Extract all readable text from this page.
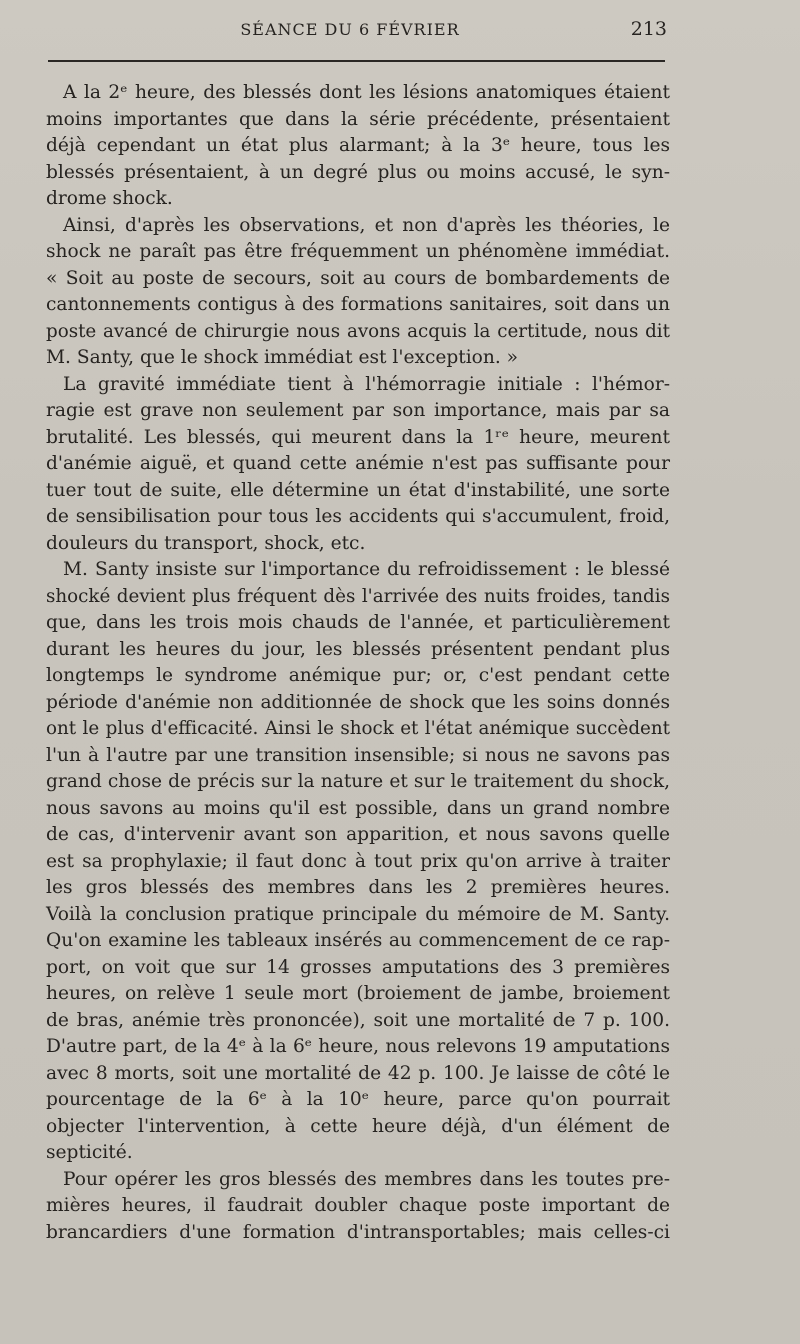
SÉANCE DU 6 FÉVRIER	213
A la 2ᵉ heure, des blessés dont les lésions anatomiques étaient
moins importantes que dans la série précédente, présentaient
déjà cependant un état plus alarmant; à la 3ᵉ heure, tous les
blessés présentaient, à un degré plus ou moins accusé, le syn-
drome shock.
Ainsi, d'après les observations, et non d'après les théories, le
shock ne paraît pas être fréquemment un phénomène immédiat.
« Soit au poste de secours, soit au cours de bombardements de
cantonnements contigus à des formations sanitaires, soit dans un
poste avancé de chirurgie nous avons acquis la certitude, nous dit
M. Santy, que le shock immédiat est l'exception. »
La gravité immédiate tient à l'hémorragie initiale : l'hémor-
ragie est grave non seulement par son importance, mais par sa
brutalité. Les blessés, qui meurent dans la 1ʳᵉ heure, meurent
d'anémie aiguë, et quand cette anémie n'est pas suffisante pour
tuer tout de suite, elle détermine un état d'instabilité, une sorte
de sensibilisation pour tous les accidents qui s'accumulent, froid,
douleurs du transport, shock, etc.
M. Santy insiste sur l'importance du refroidissement : le blessé
shocké devient plus fréquent dès l'arrivée des nuits froides, tandis
que, dans les trois mois chauds de l'année, et particulièrement
durant les heures du jour, les blessés présentent pendant plus
longtemps le syndrome anémique pur; or, c'est pendant cette
période d'anémie non additionnée de shock que les soins donnés
ont le plus d'efficacité. Ainsi le shock et l'état anémique succèdent
l'un à l'autre par une transition insensible; si nous ne savons pas
grand chose de précis sur la nature et sur le traitement du shock,
nous savons au moins qu'il est possible, dans un grand nombre
de cas, d'intervenir avant son apparition, et nous savons quelle
est sa prophylaxie; il faut donc à tout prix qu'on arrive à traiter
les gros blessés des membres dans les 2 premières heures.
Voilà la conclusion pratique principale du mémoire de M. Santy.
Qu'on examine les tableaux insérés au commencement de ce rap-
port, on voit que sur 14 grosses amputations des 3 premières
heures, on relève 1 seule mort (broiement de jambe, broiement
de bras, anémie très prononcée), soit une mortalité de 7 p. 100.
D'autre part, de la 4ᵉ à la 6ᵉ heure, nous relevons 19 amputations
avec 8 morts, soit une mortalité de 42 p. 100. Je laisse de côté le
pourcentage de la 6ᵉ à la 10ᵉ heure, parce qu'on pourrait
objecter l'intervention, à cette heure déjà, d'un élément de
septicité.
Pour opérer les gros blessés des membres dans les toutes pre-
mières heures, il faudrait doubler chaque poste important de
brancardiers d'une formation d'intransportables; mais celles-ci
